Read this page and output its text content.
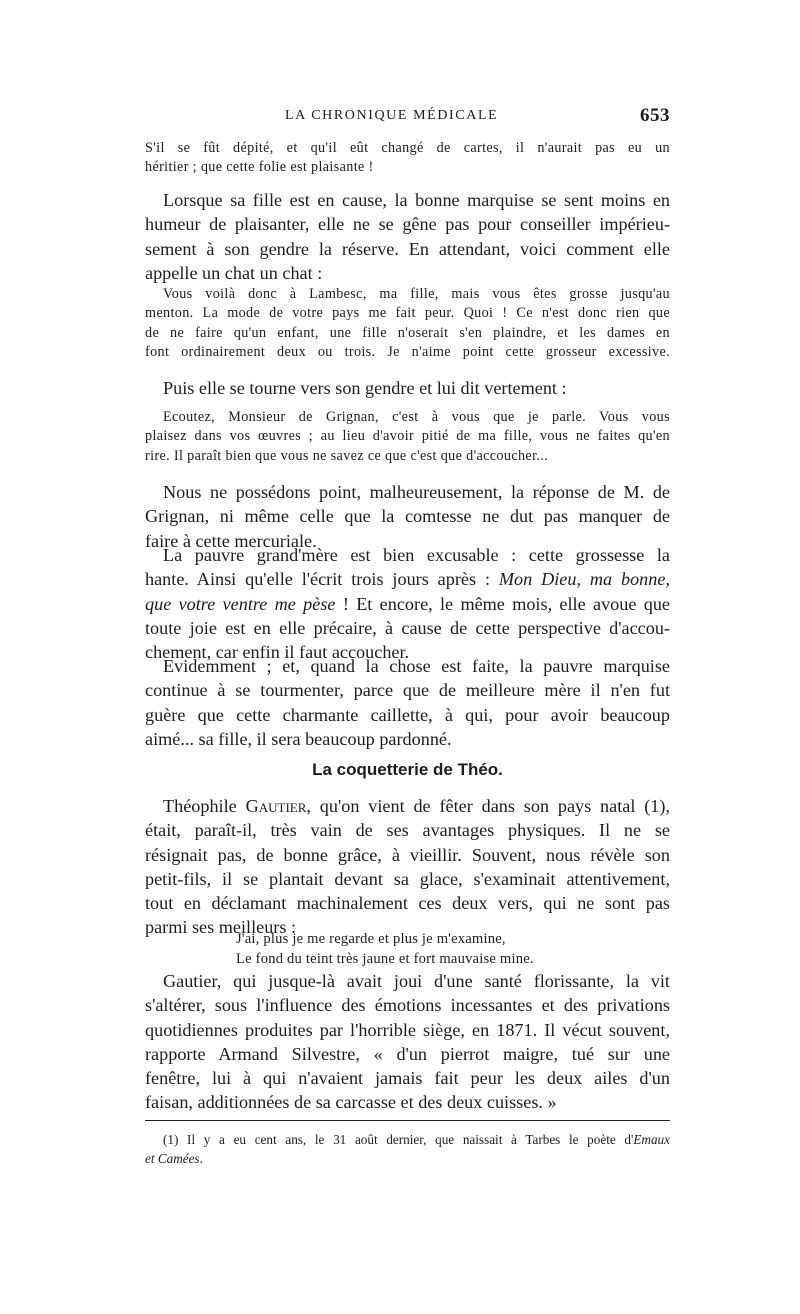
LA CHRONIQUE MÉDICALE	653
S'il se fût dépité, et qu'il eût changé de cartes, il n'aurait pas eu un
héritier ; que cette folie est plaisante !
Lorsque sa fille est en cause, la bonne marquise se sent moins en
humeur de plaisanter, elle ne se gêne pas pour conseiller impérieu-
sement à son gendre la réserve. En attendant, voici comment elle
appelle un chat un chat :
Vous voilà donc à Lambesc, ma fille, mais vous êtes grosse jusqu'au
menton. La mode de votre pays me fait peur. Quoi ! Ce n'est donc rien que
de ne faire qu'un enfant, une fille n'oserait s'en plaindre, et les dames en
font ordinairement deux ou trois. Je n'aime point cette grosseur excessive.
Puis elle se tourne vers son gendre et lui dit vertement :
Ecoutez, Monsieur de Grignan, c'est à vous que je parle. Vous vous
plaisez dans vos œuvres ; au lieu d'avoir pitié de ma fille, vous ne faites qu'en
rire. Il paraît bien que vous ne savez ce que c'est que d'accoucher...
Nous ne possédons point, malheureusement, la réponse de M. de
Grignan, ni même celle que la comtesse ne dut pas manquer de
faire à cette mercuriale.
La pauvre grand'mère est bien excusable : cette grossesse la
hante. Ainsi qu'elle l'écrit trois jours après : Mon Dieu, ma bonne,
que votre ventre me pèse ! Et encore, le même mois, elle avoue que
toute joie est en elle précaire, à cause de cette perspective d'accou-
chement, car enfin il faut accoucher.
Evidemment ; et, quand la chose est faite, la pauvre marquise
continue à se tourmenter, parce que de meilleure mère il n'en fut
guère que cette charmante caillette, à qui, pour avoir beaucoup
aimé... sa fille, il sera beaucoup pardonné.
La coquetterie de Théo.
Théophile Gautier, qu'on vient de fêter dans son pays natal (1),
était, paraît-il, très vain de ses avantages physiques. Il ne se
résignait pas, de bonne grâce, à vieillir. Souvent, nous révèle son
petit-fils, il se plantait devant sa glace, s'examinait attentivement,
tout en déclamant machinalement ces deux vers, qui ne sont pas
parmi ses meilleurs :
J'ai, plus je me regarde et plus je m'examine,
Le fond du teint très jaune et fort mauvaise mine.
Gautier, qui jusque-là avait joui d'une santé florissante, la vit
s'altérer, sous l'influence des émotions incessantes et des privations
quotidiennes produites par l'horrible siège, en 1871. Il vécut souvent,
rapporte Armand Silvestre, « d'un pierrot maigre, tué sur une
fenêtre, lui à qui n'avaient jamais fait peur les deux ailes d'un
faisan, additionnées de sa carcasse et des deux cuisses. »
(1) Il y a eu cent ans, le 31 août dernier, que naissait à Tarbes le poète d'Emaux
et Camées.
